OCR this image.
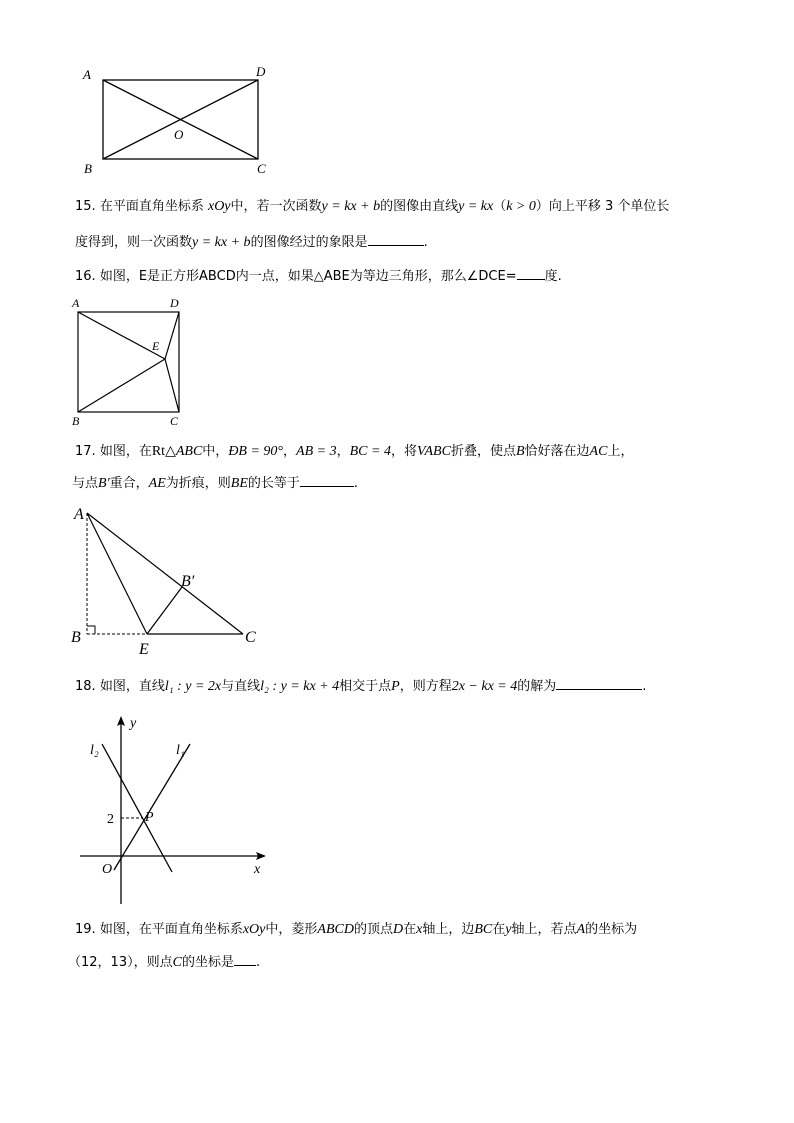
A	D
O
B	C
15. 在平面直角坐标系 xOy中，若一次函数y = kx + b的图像由直线y = kx（k > 0）向上平移 3 个单位长
度得到，则一次函数y = kx + b的图像经过的象限是	.
16. 如图，E是正方形ABCD内一点，如果△ABE为等边三角形，那么∠DCE= 度.
A	D
E
B	C
17. 如图，在Rt△ABC中，ÐB = 90°，AB = 3，BC = 4，将VABC折叠，使点B恰好落在边AC上，
与点B′重合，AE为折痕，则BE的长等于	.
A
B′
B
E
C
18. 如图，直线l₁ : y = 2x与直线l₂ : y = kx + 4相交于点P，则方程2x − kx = 4的解为	.
y
l₂	l₁
2 P
O	x
19. 如图，在平面直角坐标系xOy中，菱形ABCD的顶点D在x轴上，边BC在y轴上，若点A的坐标为
（12，13），则点C的坐标是 .
